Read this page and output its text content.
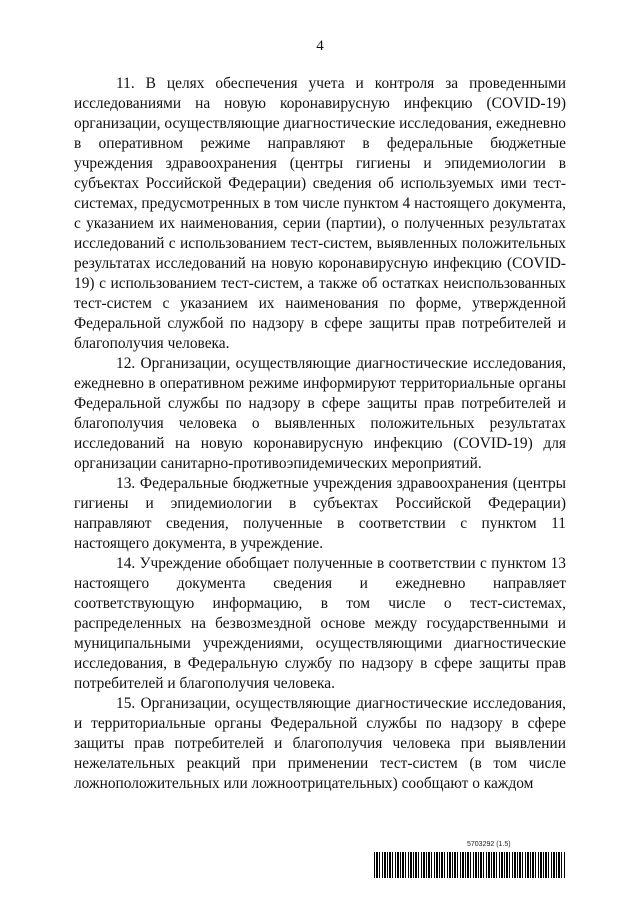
4

11. В целях обеспечения учета и контроля за проведенными исследованиями на новую коронавирусную инфекцию (COVID-19) организации, осуществляющие диагностические исследования, ежедневно в оперативном режиме направляют в федеральные бюджетные учреждения здравоохранения (центры гигиены и эпидемиологии в субъектах Российской Федерации) сведения об используемых ими тест-системах, предусмотренных в том числе пунктом 4 настоящего документа, с указанием их наименования, серии (партии), о полученных результатах исследований с использованием тест-систем, выявленных положительных результатах исследований на новую коронавирусную инфекцию (COVID-19) с использованием тест-систем, а также об остатках неиспользованных тест-систем с указанием их наименования по форме, утвержденной Федеральной службой по надзору в сфере защиты прав потребителей и благополучия человека.

12. Организации, осуществляющие диагностические исследования, ежедневно в оперативном режиме информируют территориальные органы Федеральной службы по надзору в сфере защиты прав потребителей и благополучия человека о выявленных положительных результатах исследований на новую коронавирусную инфекцию (COVID-19) для организации санитарно-противоэпидемических мероприятий.

13. Федеральные бюджетные учреждения здравоохранения (центры гигиены и эпидемиологии в субъектах Российской Федерации) направляют сведения, полученные в соответствии с пунктом 11 настоящего документа, в учреждение.

14. Учреждение обобщает полученные в соответствии с пунктом 13 настоящего документа сведения и ежедневно направляет соответствующую информацию, в том числе о тест-системах, распределенных на безвозмездной основе между государственными и муниципальными учреждениями, осуществляющими диагностические исследования, в Федеральную службу по надзору в сфере защиты прав потребителей и благополучия человека.

15. Организации, осуществляющие диагностические исследования, и территориальные органы Федеральной службы по надзору в сфере защиты прав потребителей и благополучия человека при выявлении нежелательных реакций при применении тест-систем (в том числе ложноположительных или ложноотрицательных) сообщают о каждом

5703292 (1.5)
